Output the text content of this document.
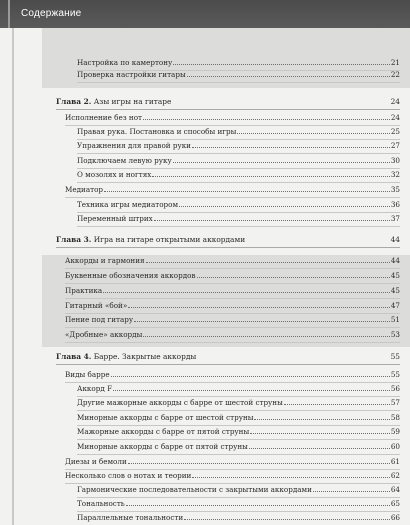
Содержание
Настройка по камертону	21
Проверка настройки гитары	22
Глава 2. Азы игры на гитаре	24
Исполнение без нот	24
Правая рука. Постановка и способы игры	25
Упражнения для правой руки	27
Подключаем левую руку	30
О мозолях и ногтях	32
Медиатор	35
Техника игры медиатором	36
Переменный штрих	37
Глава 3. Игра на гитаре открытыми аккордами	44
Аккорды и гармония	44
Буквенные обозначения аккордов	45
Практика	45
Гитарный «бой»	47
Пение под гитару	51
«Дробные» аккорды	53
Глава 4. Барре. Закрытые аккорды	55
Виды барре	55
Аккорд F	56
Другие мажорные аккорды с барре от шестой струны	57
Минорные аккорды с барре от шестой струны	58
Мажорные аккорды с барре от пятой струны	59
Минорные аккорды с барре от пятой струны	60
Диезы и бемоли	61
Несколько слов о нотах и теории	62
Гармонические последовательности с закрытыми аккордами	64
Тональность	65
Параллельные тональности	66
